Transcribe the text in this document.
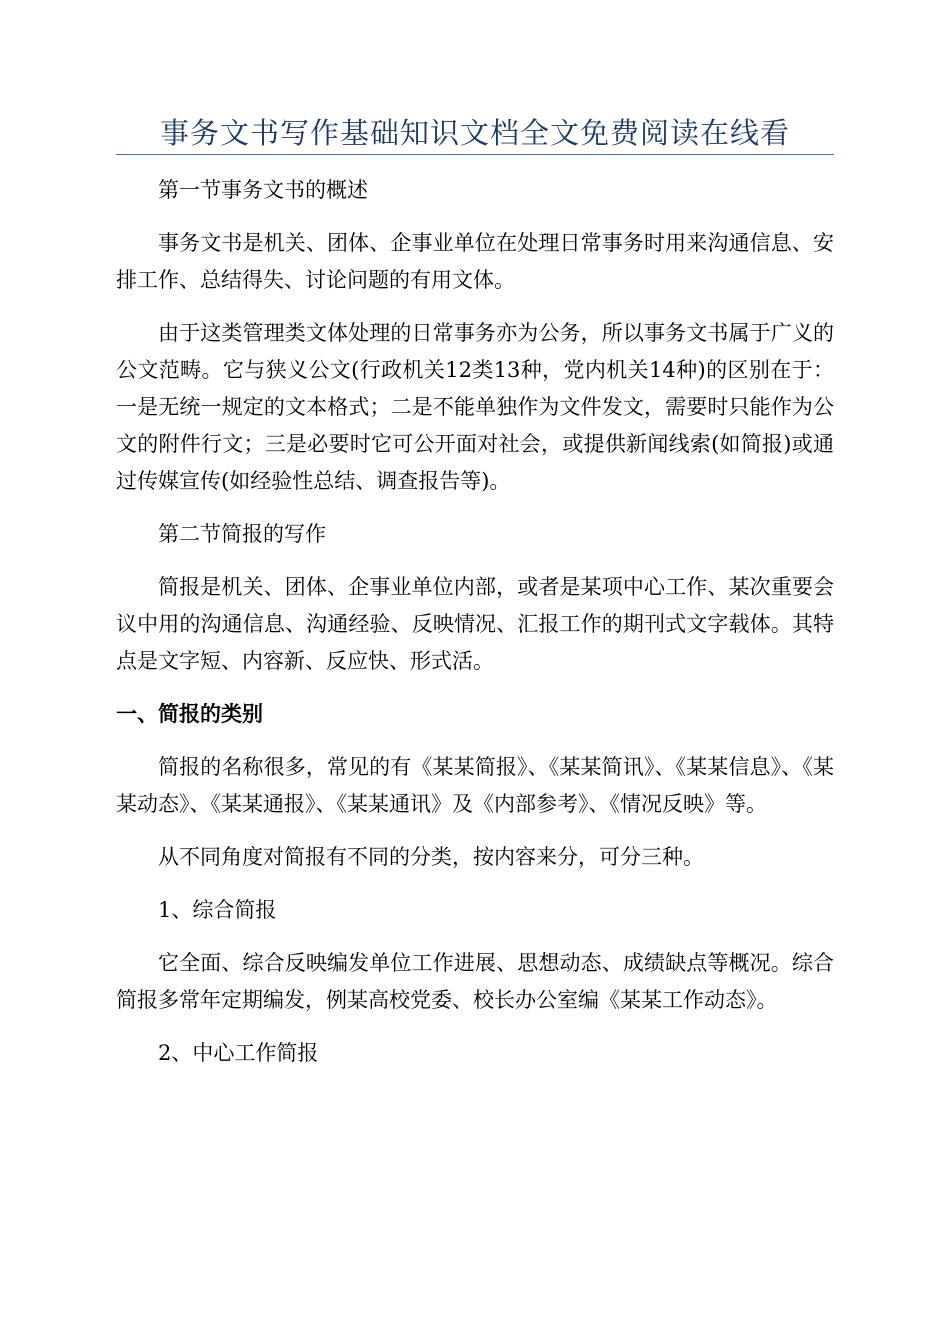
事务文书写作基础知识文档全文免费阅读在线看

第一节事务文书的概述

事务文书是机关、团体、企事业单位在处理日常事务时用来沟通信息、安排工作、总结得失、讨论问题的有用文体。

由于这类管理类文体处理的日常事务亦为公务，所以事务文书属于广义的公文范畴。它与狭义公文(行政机关12类13种，党内机关14种)的区别在于：一是无统一规定的文本格式；二是不能单独作为文件发文，需要时只能作为公文的附件行文；三是必要时它可公开面对社会，或提供新闻线索(如简报)或通过传媒宣传(如经验性总结、调查报告等)。

第二节简报的写作

简报是机关、团体、企事业单位内部，或者是某项中心工作、某次重要会议中用的沟通信息、沟通经验、反映情况、汇报工作的期刊式文字载体。其特点是文字短、内容新、反应快、形式活。

一、简报的类别

简报的名称很多，常见的有《某某简报》、《某某简讯》、《某某信息》、《某某动态》、《某某通报》、《某某通讯》及《内部参考》、《情况反映》等。

从不同角度对简报有不同的分类，按内容来分，可分三种。

1、综合简报

它全面、综合反映编发单位工作进展、思想动态、成绩缺点等概况。综合简报多常年定期编发，例某高校党委、校长办公室编《某某工作动态》。

2、中心工作简报
